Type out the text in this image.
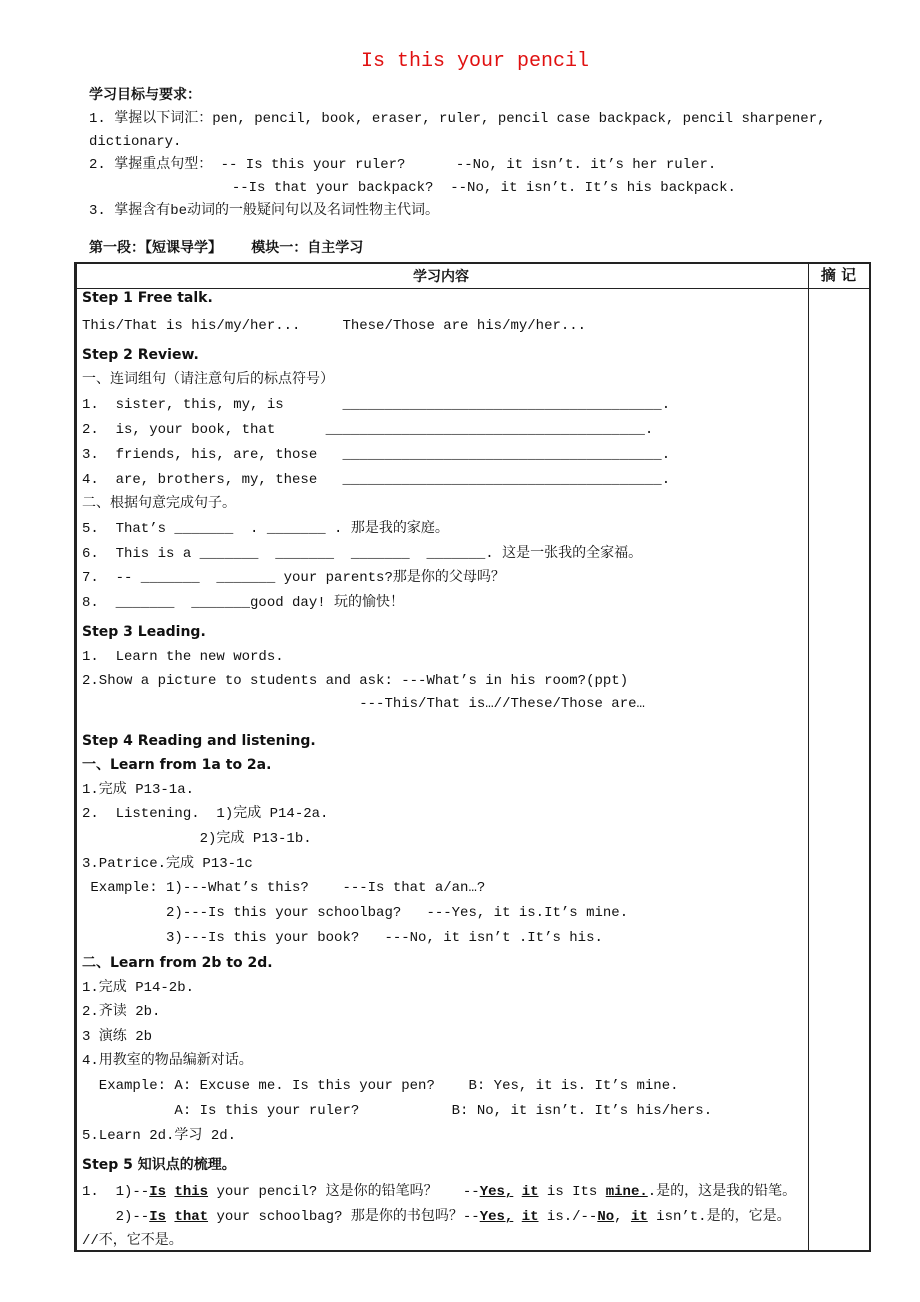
Is this your pencil
学习目标与要求：
1. 掌握以下词汇：pen, pencil, book, eraser, ruler, pencil case backpack, pencil sharpener,
dictionary.
2. 掌握重点句型： -- Is this your ruler?      --No, it isn’t. it’s her ruler.
--Is that your backpack?  --No, it isn’t. It’s his backpack.
3. 掌握含有be动词的一般疑问句以及名词性物主代词。
第一段：【短课导学】      模块一：自主学习
学习内容	摘 记
Step 1 Free talk.
This/That is his/my/her...     These/Those are his/my/her...
Step 2 Review.
一、连词组句（请注意句后的标点符号）
1.  sister, this, my, is       ______________________________________.
2.  is, your book, that      ______________________________________.
3.  friends, his, are, those   ______________________________________.
4.  are, brothers, my, these   ______________________________________.
二、根据句意完成句子。
5.  That’s _______  . _______ . 那是我的家庭。
6.  This is a _______  _______  _______  _______. 这是一张我的全家福。
7.  -- _______  _______ your parents?那是你的父母吗？
8.  _______  _______good day! 玩的愉快！
Step 3 Leading.
1.  Learn the new words.
2.Show a picture to students and ask: ---What’s in his room?(ppt)
---This/That is…//These/Those are…
Step 4 Reading and listening.
一、Learn from 1a to 2a.
1.完成 P13-1a.
2.  Listening.  1)完成 P14-2a.
2)完成 P13-1b.
3.Patrice.完成 P13-1c
Example: 1)---What’s this?    ---Is that a/an…?
2)---Is this your schoolbag?   ---Yes, it is.It’s mine.
3)---Is this your book?   ---No, it isn’t .It’s his.
二、Learn from 2b to 2d.
1.完成 P14-2b.
2.齐读 2b.
3 演练 2b
4.用教室的物品编新对话。
Example: A: Excuse me. Is this your pen?    B: Yes, it is. It’s mine.
A: Is this your ruler?           B: No, it isn’t. It’s his/hers.
5.Learn 2d.学习 2d.
Step 5 知识点的梳理。
1.  1)--Is this your pencil? 这是你的铅笔吗？   --Yes, it is Its mine..是的，这是我的铅笔。
2)--Is that your schoolbag? 那是你的书包吗？--Yes, it is./--No, it isn’t.是的，它是。
//不，它不是。
